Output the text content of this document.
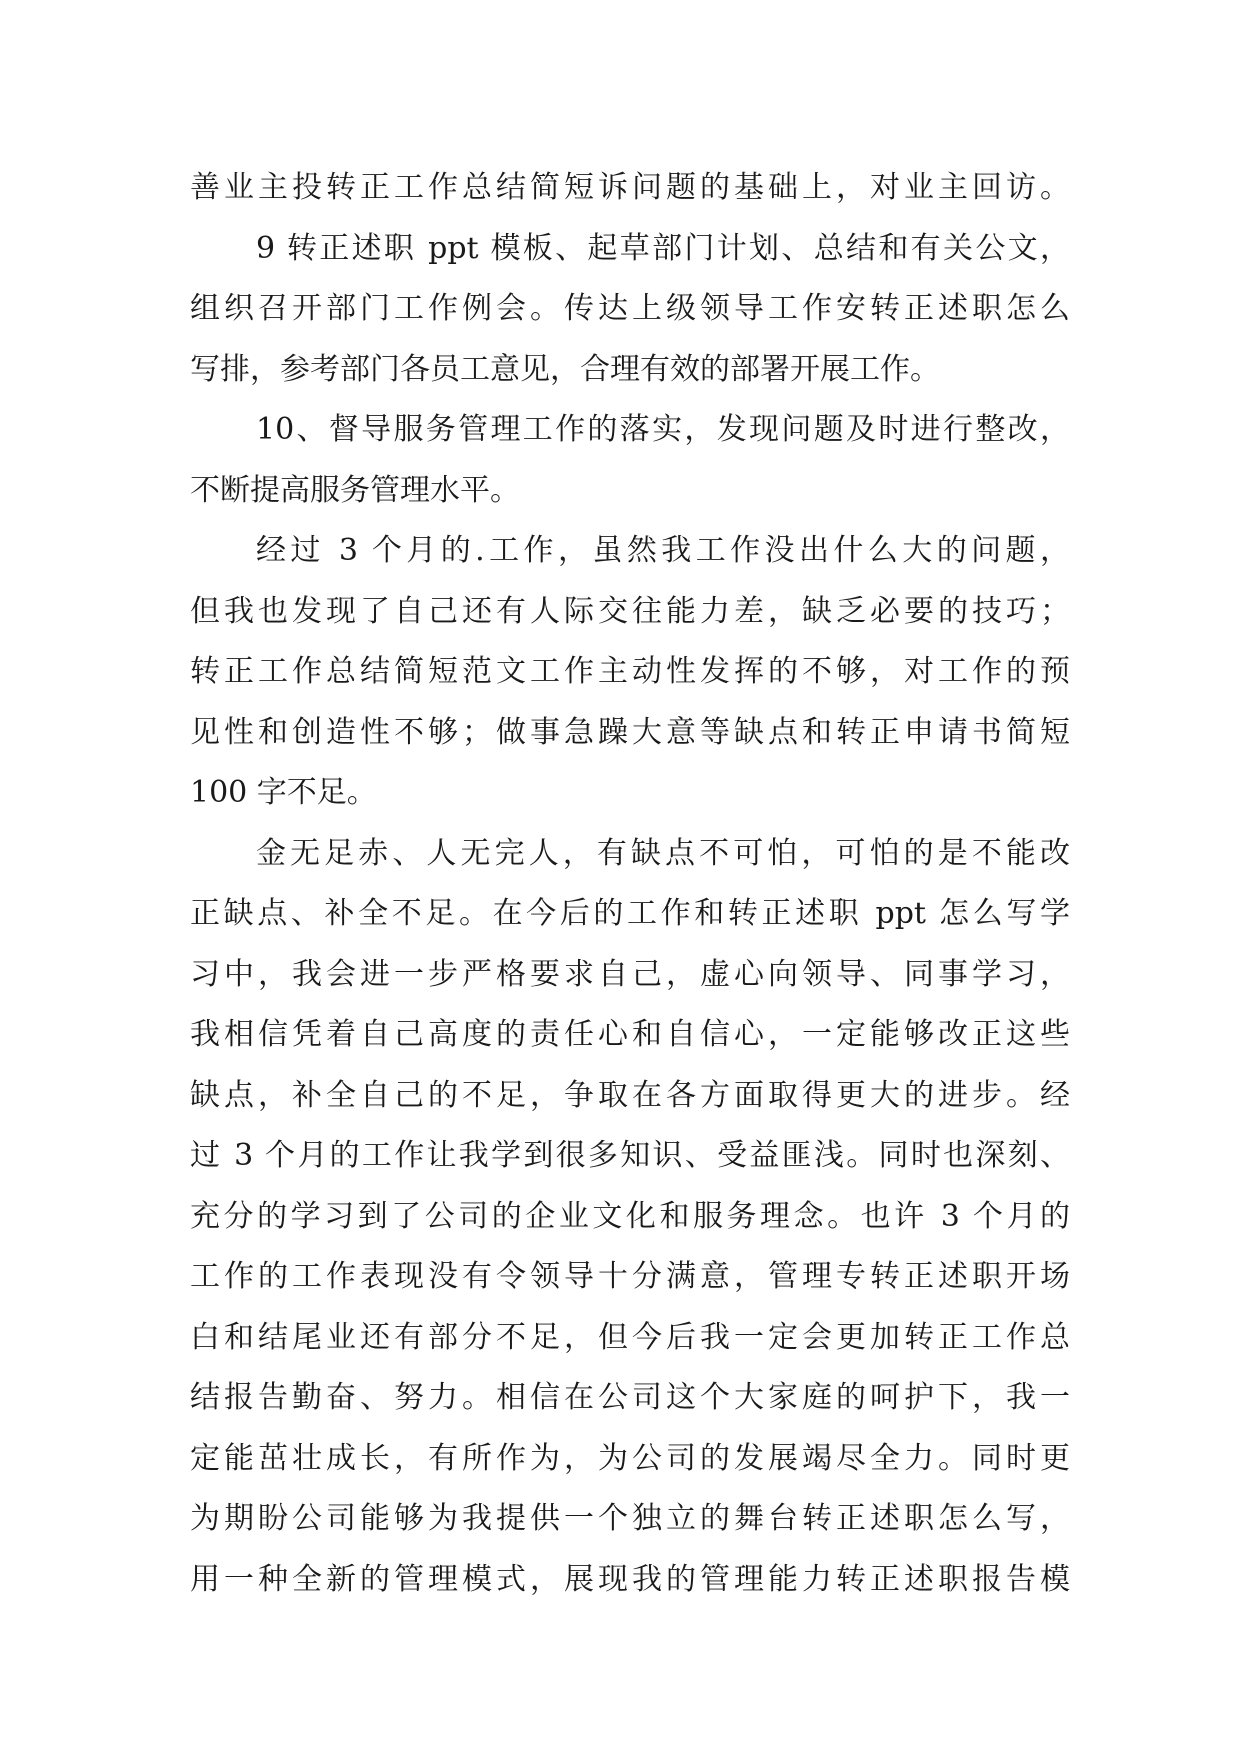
善业主投转正工作总结简短诉问题的基础上，对业主回访。
9 转正述职 ppt 模板、起草部门计划、总结和有关公文，
组织召开部门工作例会。传达上级领导工作安转正述职怎么
写排，参考部门各员工意见，合理有效的部署开展工作。
10、督导服务管理工作的落实，发现问题及时进行整改，
不断提高服务管理水平。
经过 3 个月的.工作，虽然我工作没出什么大的问题，
但我也发现了自己还有人际交往能力差，缺乏必要的技巧；
转正工作总结简短范文工作主动性发挥的不够，对工作的预
见性和创造性不够；做事急躁大意等缺点和转正申请书简短
100 字不足。
金无足赤、人无完人，有缺点不可怕，可怕的是不能改
正缺点、补全不足。在今后的工作和转正述职 ppt 怎么写学
习中，我会进一步严格要求自己，虚心向领导、同事学习，
我相信凭着自己高度的责任心和自信心，一定能够改正这些
缺点，补全自己的不足，争取在各方面取得更大的进步。经
过 3 个月的工作让我学到很多知识、受益匪浅。同时也深刻、
充分的学习到了公司的企业文化和服务理念。也许 3 个月的
工作的工作表现没有令领导十分满意，管理专转正述职开场
白和结尾业还有部分不足，但今后我一定会更加转正工作总
结报告勤奋、努力。相信在公司这个大家庭的呵护下，我一
定能茁壮成长，有所作为，为公司的发展竭尽全力。同时更
为期盼公司能够为我提供一个独立的舞台转正述职怎么写，
用一种全新的管理模式，展现我的管理能力转正述职报告模
